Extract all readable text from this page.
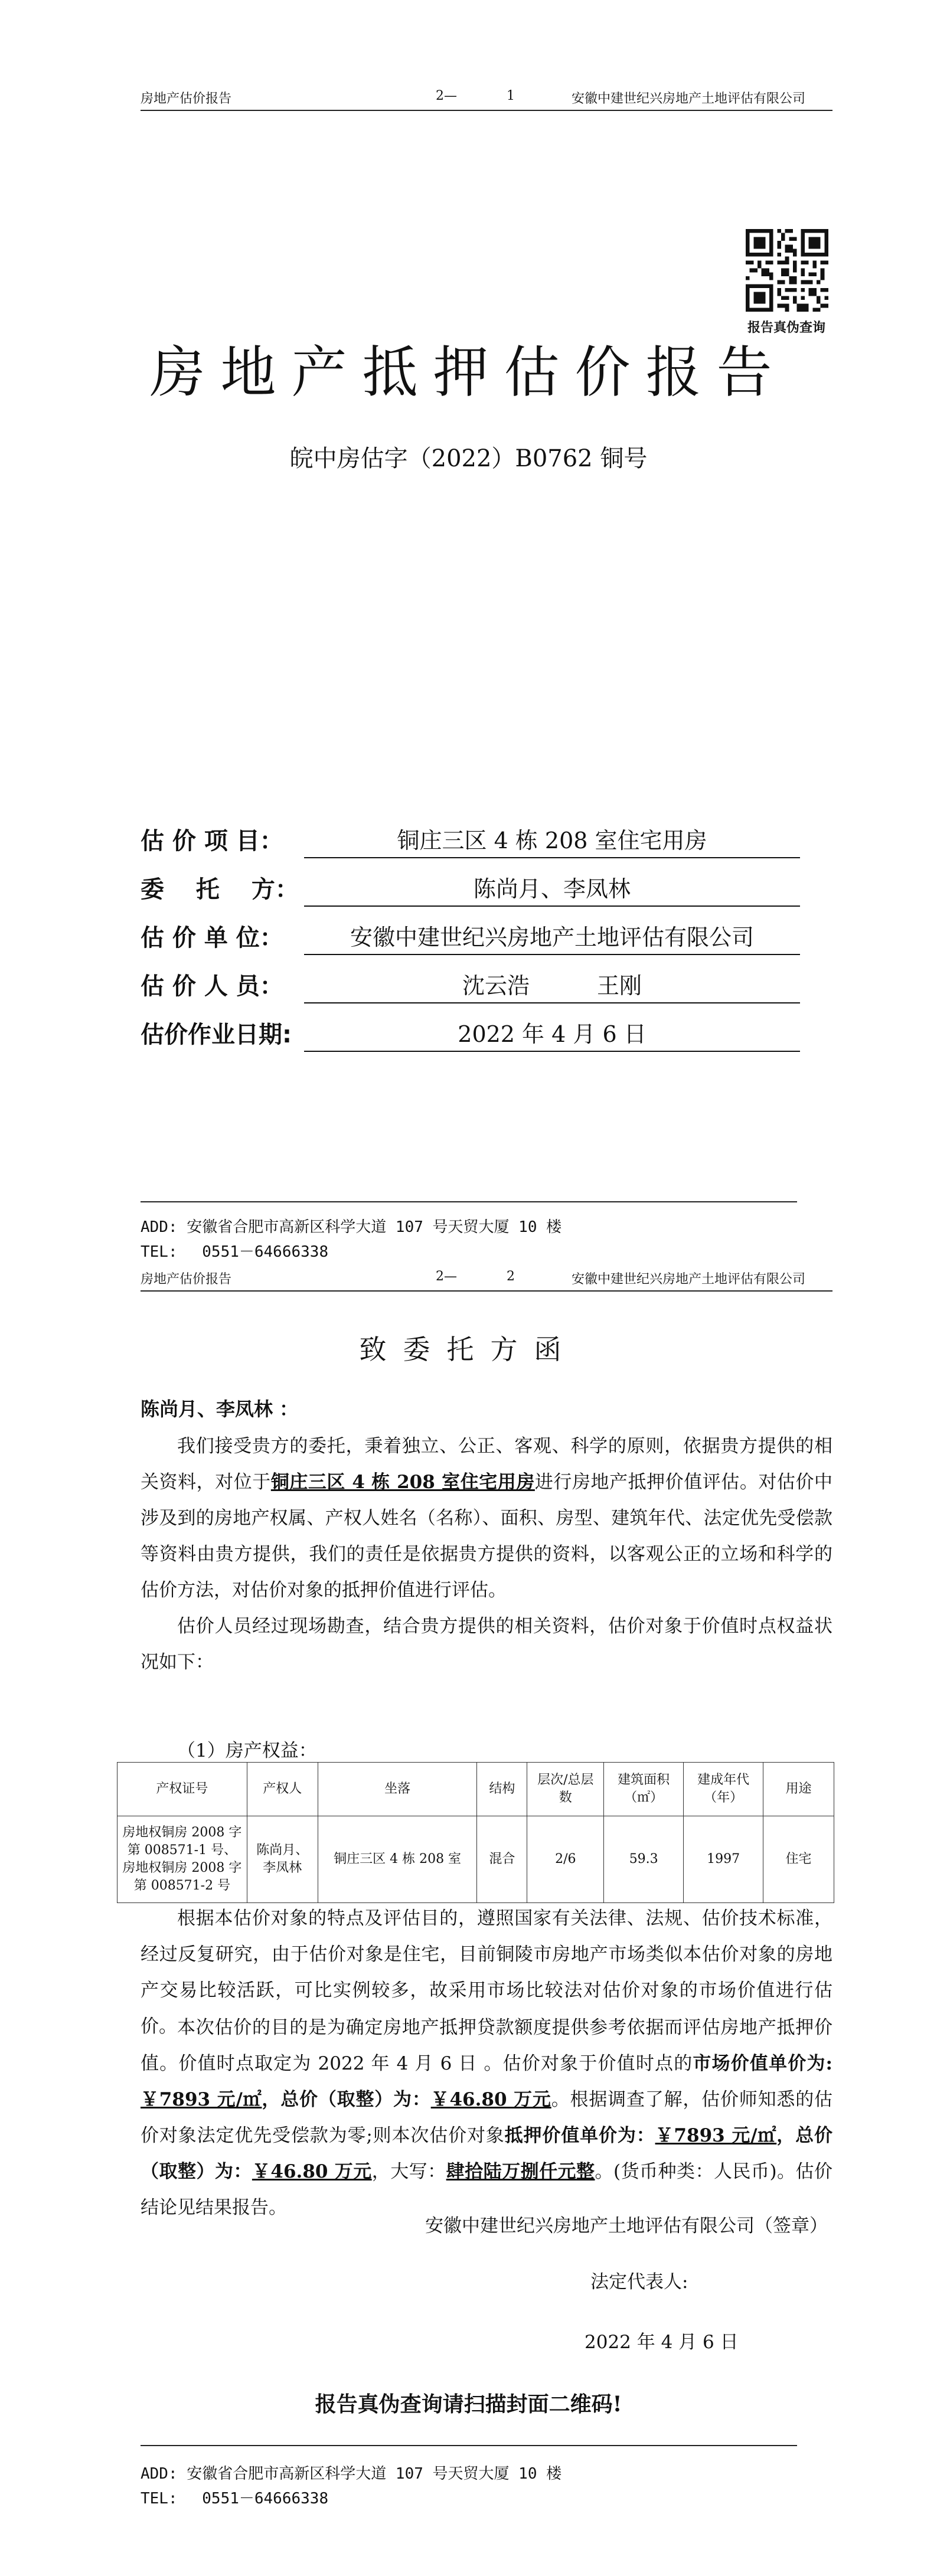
房地产估价报告	2—	1	安徽中建世纪兴房地产土地评估有限公司
报告真伪查询
房地产抵押估价报告
皖中房估字（2022）B0762 铜号
估 价 项 目：	铜庄三区 4 栋 208 室住宅用房
委　 托　 方：	陈尚月、李凤林
估 价 单 位：	安徽中建世纪兴房地产土地评估有限公司
估 价 人 员：	沈云浩　　　王刚
估价作业日期:	2022 年 4 月 6 日
ADD: 安徽省合肥市高新区科学大道 107 号天贸大厦 10 楼
TEL:　 0551－64666338
房地产估价报告	2—	2	安徽中建世纪兴房地产土地评估有限公司
致委托方函
陈尚月、李凤林 ：

我们接受贵方的委托，秉着独立、公正、客观、科学的原则，依据贵方提供的相关资料，对位于铜庄三区 4 栋 208 室住宅用房进行房地产抵押价值评估。对估价中涉及到的房地产权属、产权人姓名（名称）、面积、房型、建筑年代、法定优先受偿款等资料由贵方提供，我们的责任是依据贵方提供的资料，以客观公正的立场和科学的估价方法，对估价对象的抵押价值进行评估。

估价人员经过现场勘查，结合贵方提供的相关资料，估价对象于价值时点权益状况如下：

（1）房产权益：
产权证号	产权人	坐落	结构	层次/总层数	建筑面积（㎡）	建成年代（年）	用途
房地权铜房 2008 字第 008571-1 号、房地权铜房 2008 字第 008571-2 号	陈尚月、李凤林	铜庄三区 4 栋 208 室	混合	2/6	59.3	1997	住宅

根据本估价对象的特点及评估目的，遵照国家有关法律、法规、估价技术标准，经过反复研究，由于估价对象是住宅，目前铜陵市房地产市场类似本估价对象的房地产交易比较活跃，可比实例较多，故采用市场比较法对估价对象的市场价值进行估价。 本次估价的目的是为确定房地产抵押贷款额度提供参考依据而评估房地产抵押价值。价值时点取定为 2022 年 4 月 6 日 。估价对象于价值时点的市场价值单价为:￥7893 元/㎡，总价（取整）为：￥46.80 万元。根据调查了解，估价师知悉的估价对象法定优先受偿款为零;则本次估价对象抵押价值单价为：￥7893 元/㎡，总价（取整）为：￥46.80 万元，大写：肆拾陆万捌仟元整。(货币种类：人民币)。估价结论见结果报告。

安徽中建世纪兴房地产土地评估有限公司（签章）
法定代表人:
2022 年 4 月 6 日
报告真伪查询请扫描封面二维码!
ADD: 安徽省合肥市高新区科学大道 107 号天贸大厦 10 楼
TEL:　 0551－64666338
